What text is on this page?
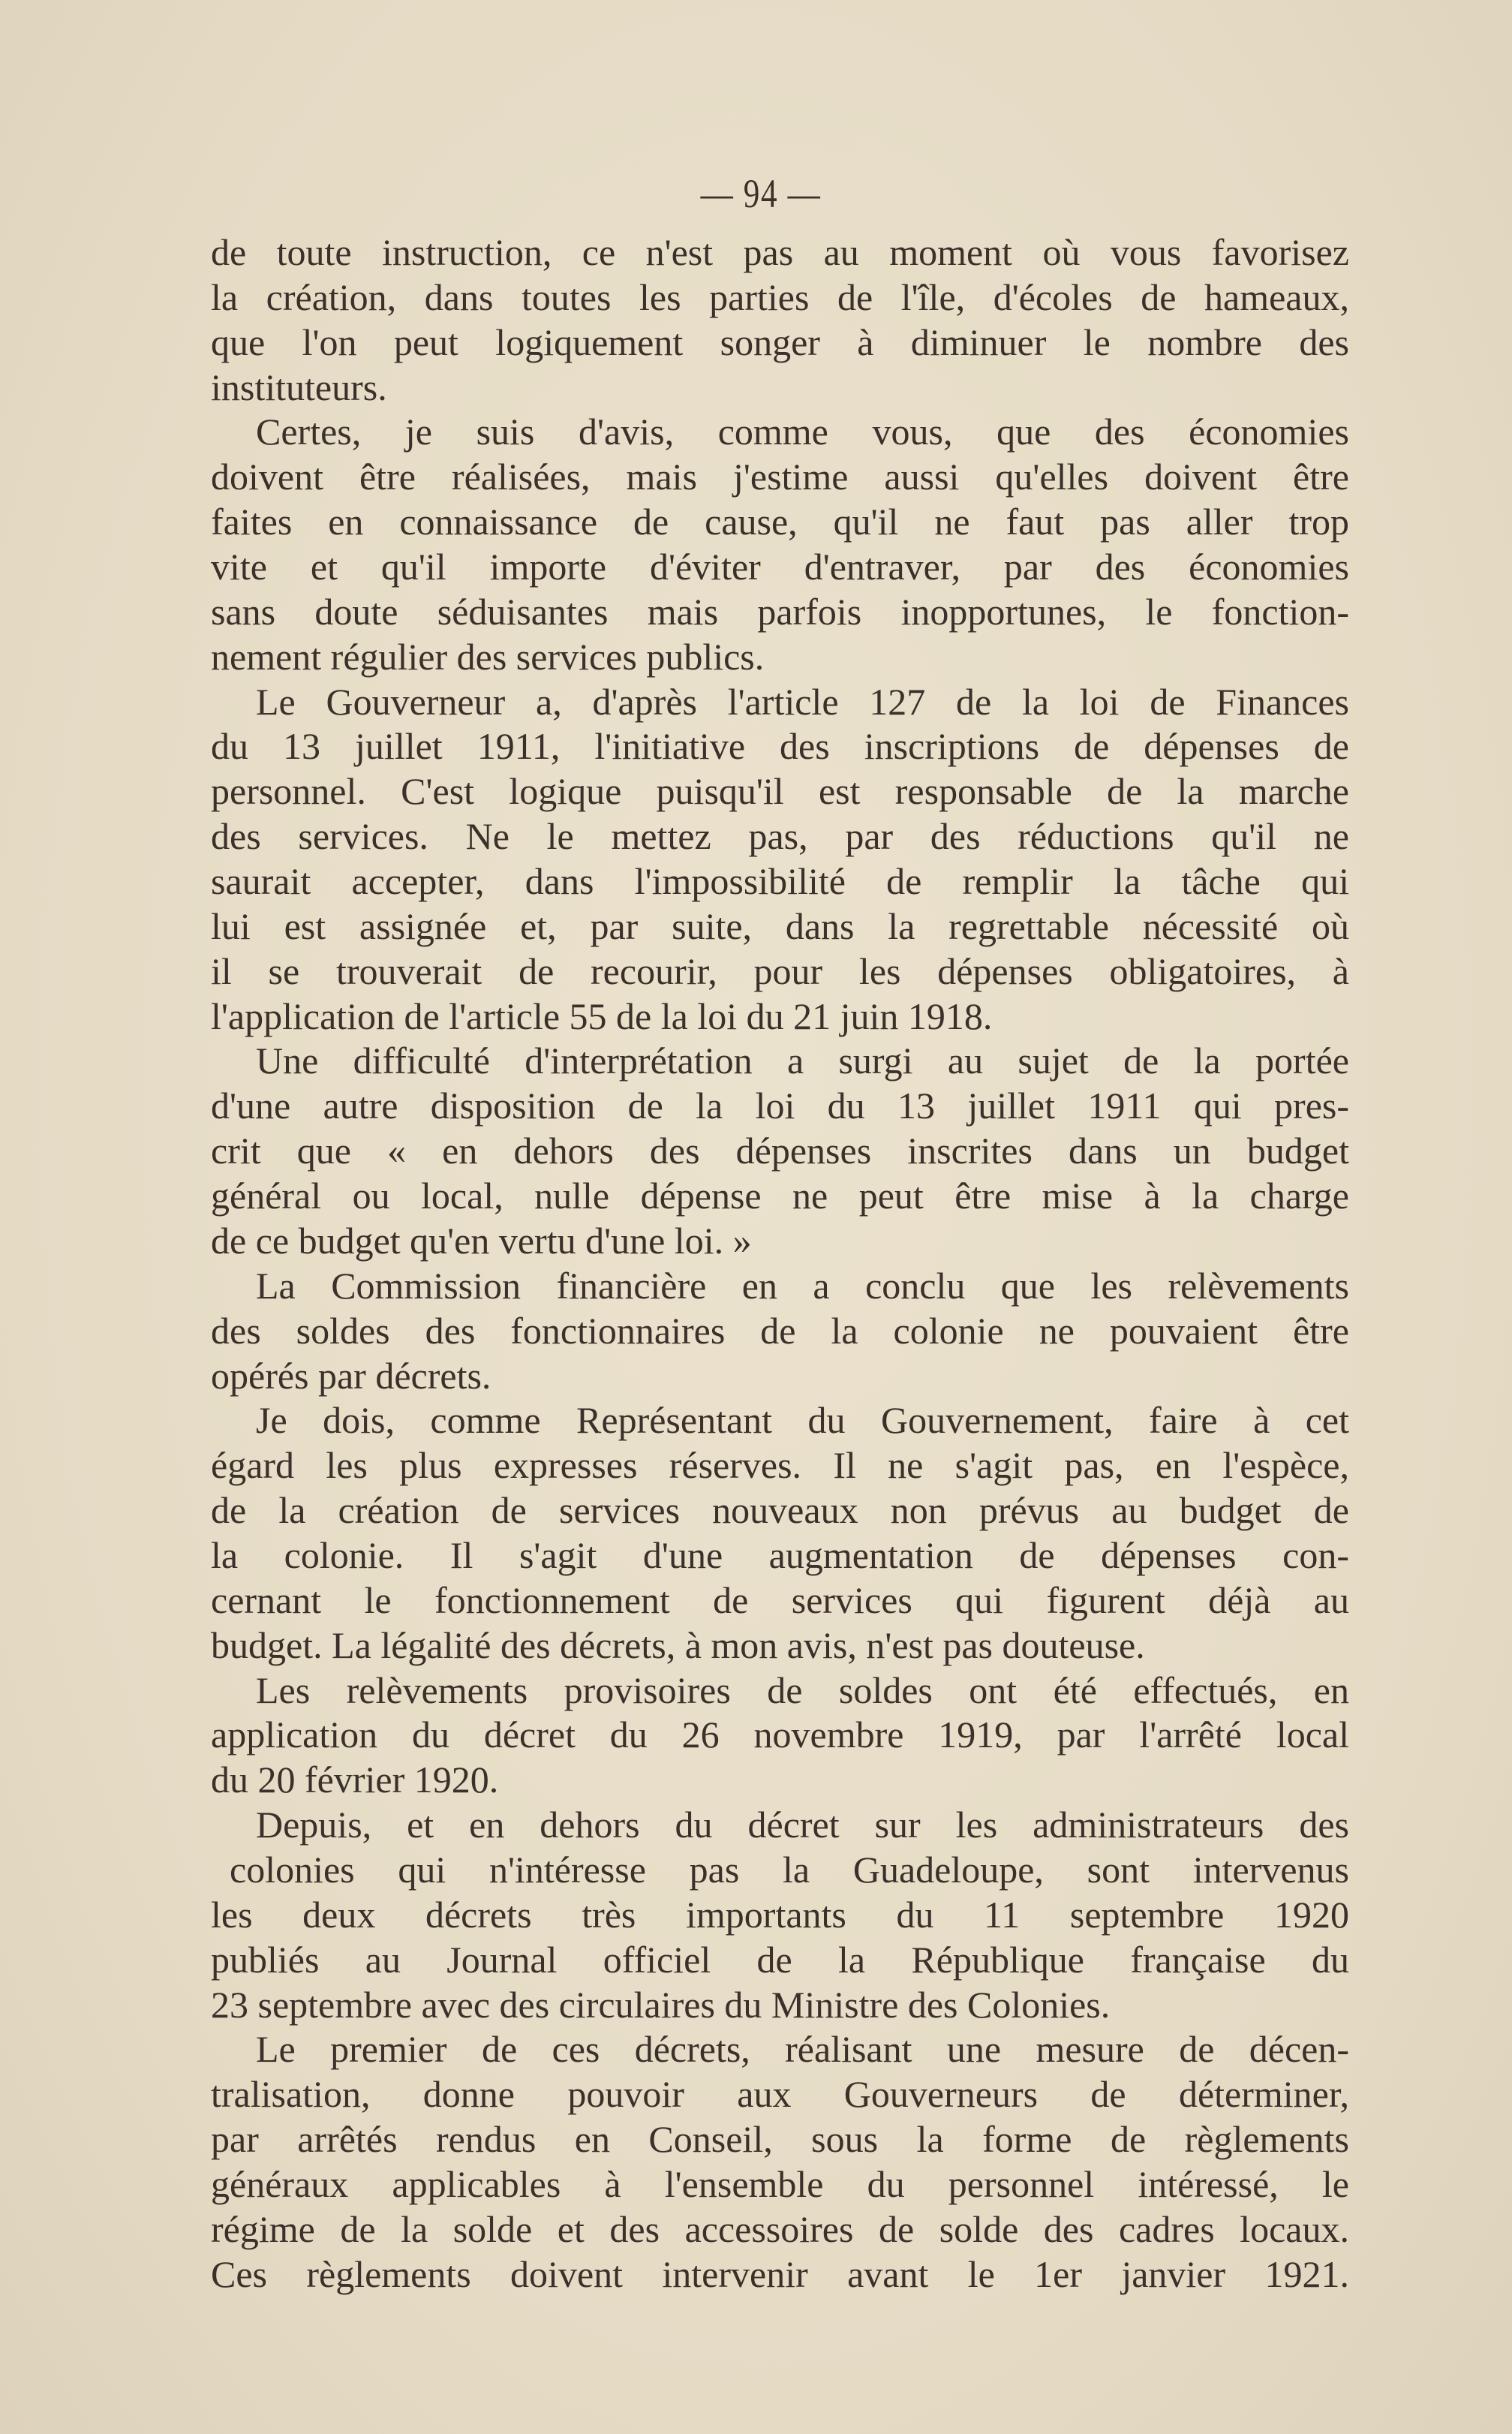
— 94 —
de toute instruction, ce n'est pas au moment où vous favorisez
la création, dans toutes les parties de l'île, d'écoles de hameaux,
que l'on peut logiquement songer à diminuer le nombre des
instituteurs.
Certes, je suis d'avis, comme vous, que des économies
doivent être réalisées, mais j'estime aussi qu'elles doivent être
faites en connaissance de cause, qu'il ne faut pas aller trop
vite et qu'il importe d'éviter d'entraver, par des économies
sans doute séduisantes mais parfois inopportunes, le fonction-
nement régulier des services publics.
Le Gouverneur a, d'après l'article 127 de la loi de Finances
du 13 juillet 1911, l'initiative des inscriptions de dépenses de
personnel. C'est logique puisqu'il est responsable de la marche
des services. Ne le mettez pas, par des réductions qu'il ne
saurait accepter, dans l'impossibilité de remplir la tâche qui
lui est assignée et, par suite, dans la regrettable nécessité où
il se trouverait de recourir, pour les dépenses obligatoires, à
l'application de l'article 55 de la loi du 21 juin 1918.
Une difficulté d'interprétation a surgi au sujet de la portée
d'une autre disposition de la loi du 13 juillet 1911 qui pres-
crit que « en dehors des dépenses inscrites dans un budget
général ou local, nulle dépense ne peut être mise à la charge
de ce budget qu'en vertu d'une loi. »
La Commission financière en a conclu que les relèvements
des soldes des fonctionnaires de la colonie ne pouvaient être
opérés par décrets.
Je dois, comme Représentant du Gouvernement, faire à cet
égard les plus expresses réserves. Il ne s'agit pas, en l'espèce,
de la création de services nouveaux non prévus au budget de
la colonie. Il s'agit d'une augmentation de dépenses con-
cernant le fonctionnement de services qui figurent déjà au
budget. La légalité des décrets, à mon avis, n'est pas douteuse.
Les relèvements provisoires de soldes ont été effectués, en
application du décret du 26 novembre 1919, par l'arrêté local
du 20 février 1920.
Depuis, et en dehors du décret sur les administrateurs des
colonies qui n'intéresse pas la Guadeloupe, sont intervenus
les deux décrets très importants du 11 septembre 1920
publiés au Journal officiel de la République française du
23 septembre avec des circulaires du Ministre des Colonies.
Le premier de ces décrets, réalisant une mesure de décen-
tralisation, donne pouvoir aux Gouverneurs de déterminer,
par arrêtés rendus en Conseil, sous la forme de règlements
généraux applicables à l'ensemble du personnel intéressé, le
régime de la solde et des accessoires de solde des cadres locaux.
Ces règlements doivent intervenir avant le 1er janvier 1921.
